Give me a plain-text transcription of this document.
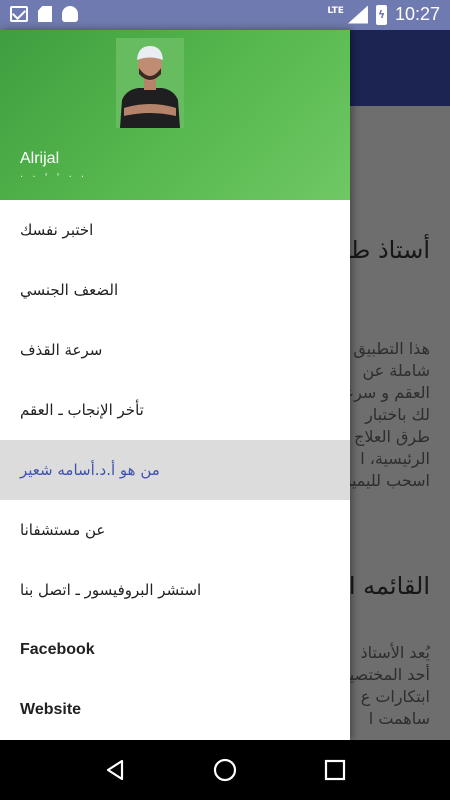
LTE	ϟ 10:27
Alrijal
· · ' ' · ·
اختبر نفسك
الضعف الجنسي
سرعة القذف
تأخر الإنجاب ـ العقم
من هو أ.د.أسامه شعير
عن مستشفانا
استشر البروفيسور ـ اتصل بنا
Facebook
Website
